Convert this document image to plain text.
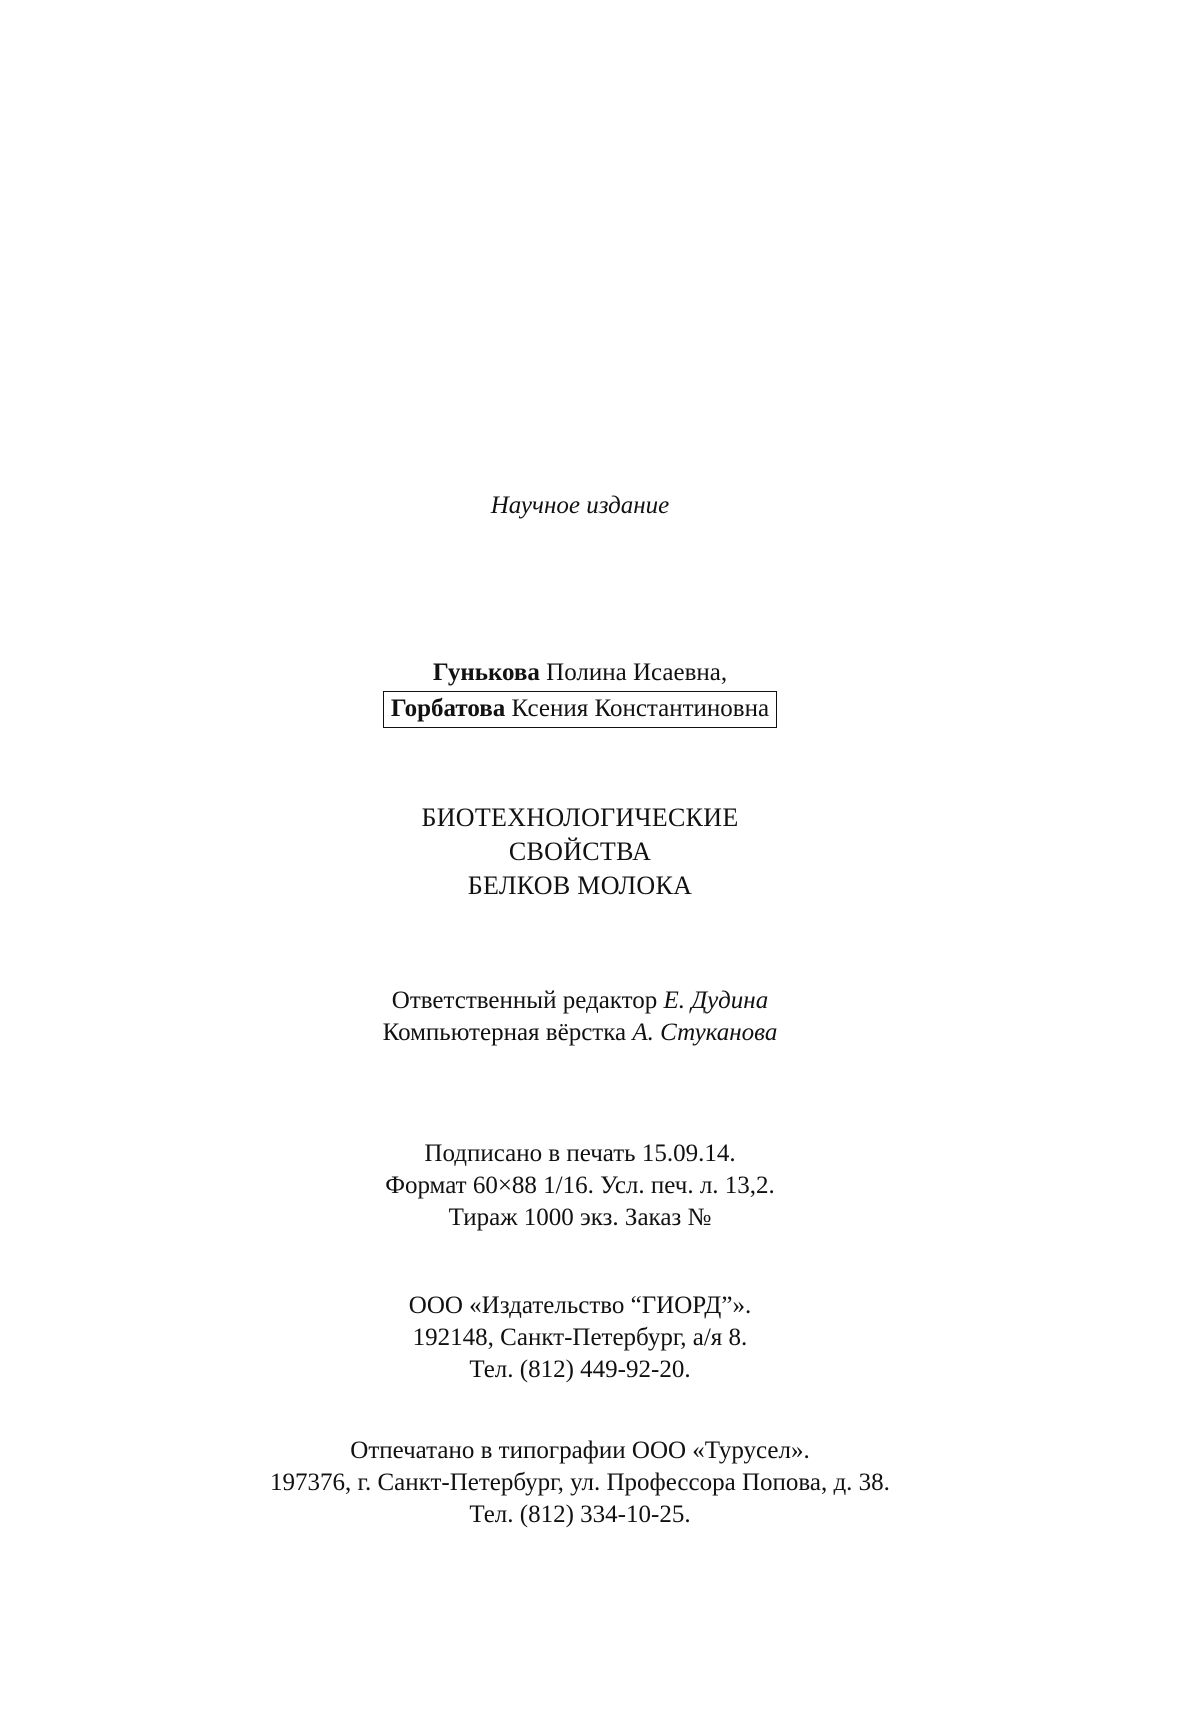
Научное издание
Гунькова Полина Исаевна,
Горбатова Ксения Константиновна
БИОТЕХНОЛОГИЧЕСКИЕ
СВОЙСТВА
БЕЛКОВ МОЛОКА
Ответственный редактор Е. Дудина
Компьютерная вёрстка А. Стуканова
Подписано в печать 15.09.14.
Формат 60×88 1/16. Усл. печ. л. 13,2.
Тираж 1000 экз. Заказ №
ООО «Издательство “ГИОРД”».
192148, Санкт-Петербург, а/я 8.
Тел. (812) 449-92-20.
Отпечатано в типографии ООО «Турусел».
197376, г. Санкт-Петербург, ул. Профессора Попова, д. 38.
Тел. (812) 334-10-25.
